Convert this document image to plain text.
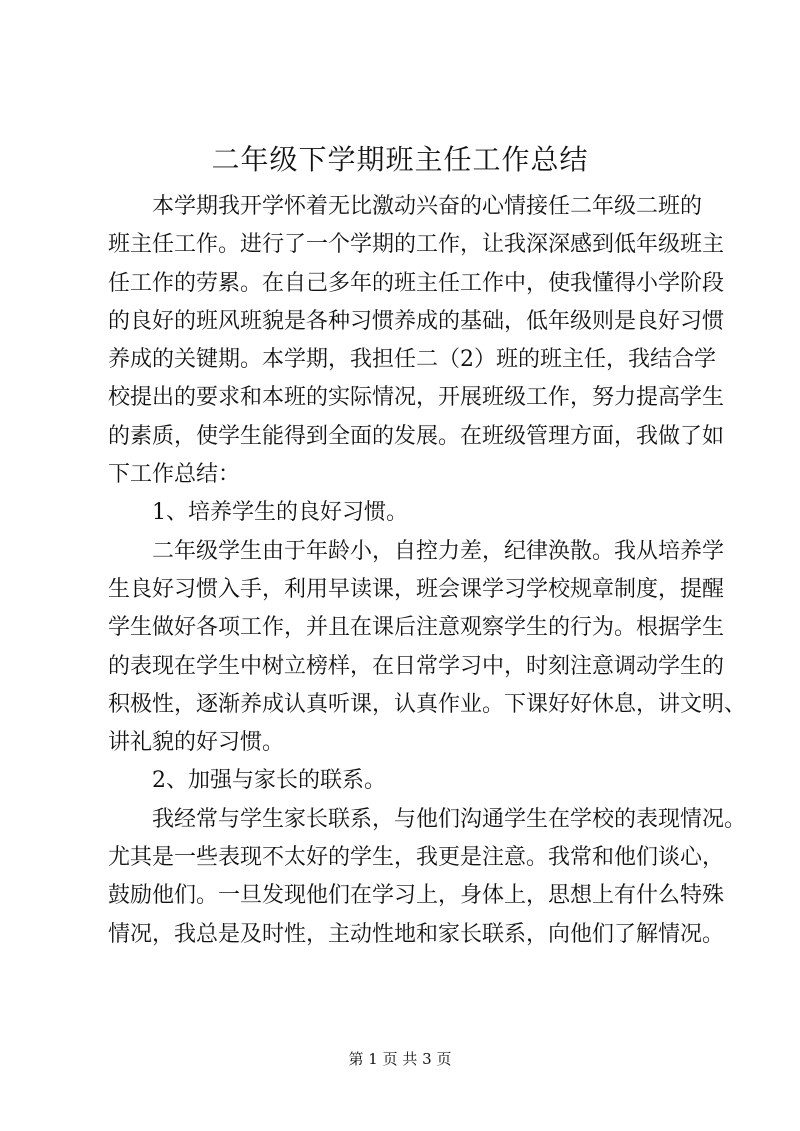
二年级下学期班主任工作总结
本学期我开学怀着无比激动兴奋的心情接任二年级二班的
班主任工作。进行了一个学期的工作，让我深深感到低年级班主
任工作的劳累。在自己多年的班主任工作中，使我懂得小学阶段
的良好的班风班貌是各种习惯养成的基础，低年级则是良好习惯
养成的关键期。本学期，我担任二（2）班的班主任，我结合学
校提出的要求和本班的实际情况，开展班级工作，努力提高学生
的素质，使学生能得到全面的发展。在班级管理方面，我做了如
下工作总结：
1、培养学生的良好习惯。
二年级学生由于年龄小，自控力差，纪律涣散。我从培养学
生良好习惯入手，利用早读课，班会课学习学校规章制度，提醒
学生做好各项工作，并且在课后注意观察学生的行为。根据学生
的表现在学生中树立榜样，在日常学习中，时刻注意调动学生的
积极性，逐渐养成认真听课，认真作业。下课好好休息，讲文明、
讲礼貌的好习惯。
2、加强与家长的联系。
我经常与学生家长联系，与他们沟通学生在学校的表现情况。
尤其是一些表现不太好的学生，我更是注意。我常和他们谈心，
鼓励他们。一旦发现他们在学习上，身体上，思想上有什么特殊
情况，我总是及时性，主动性地和家长联系，向他们了解情况。
第 1 页 共 3 页
